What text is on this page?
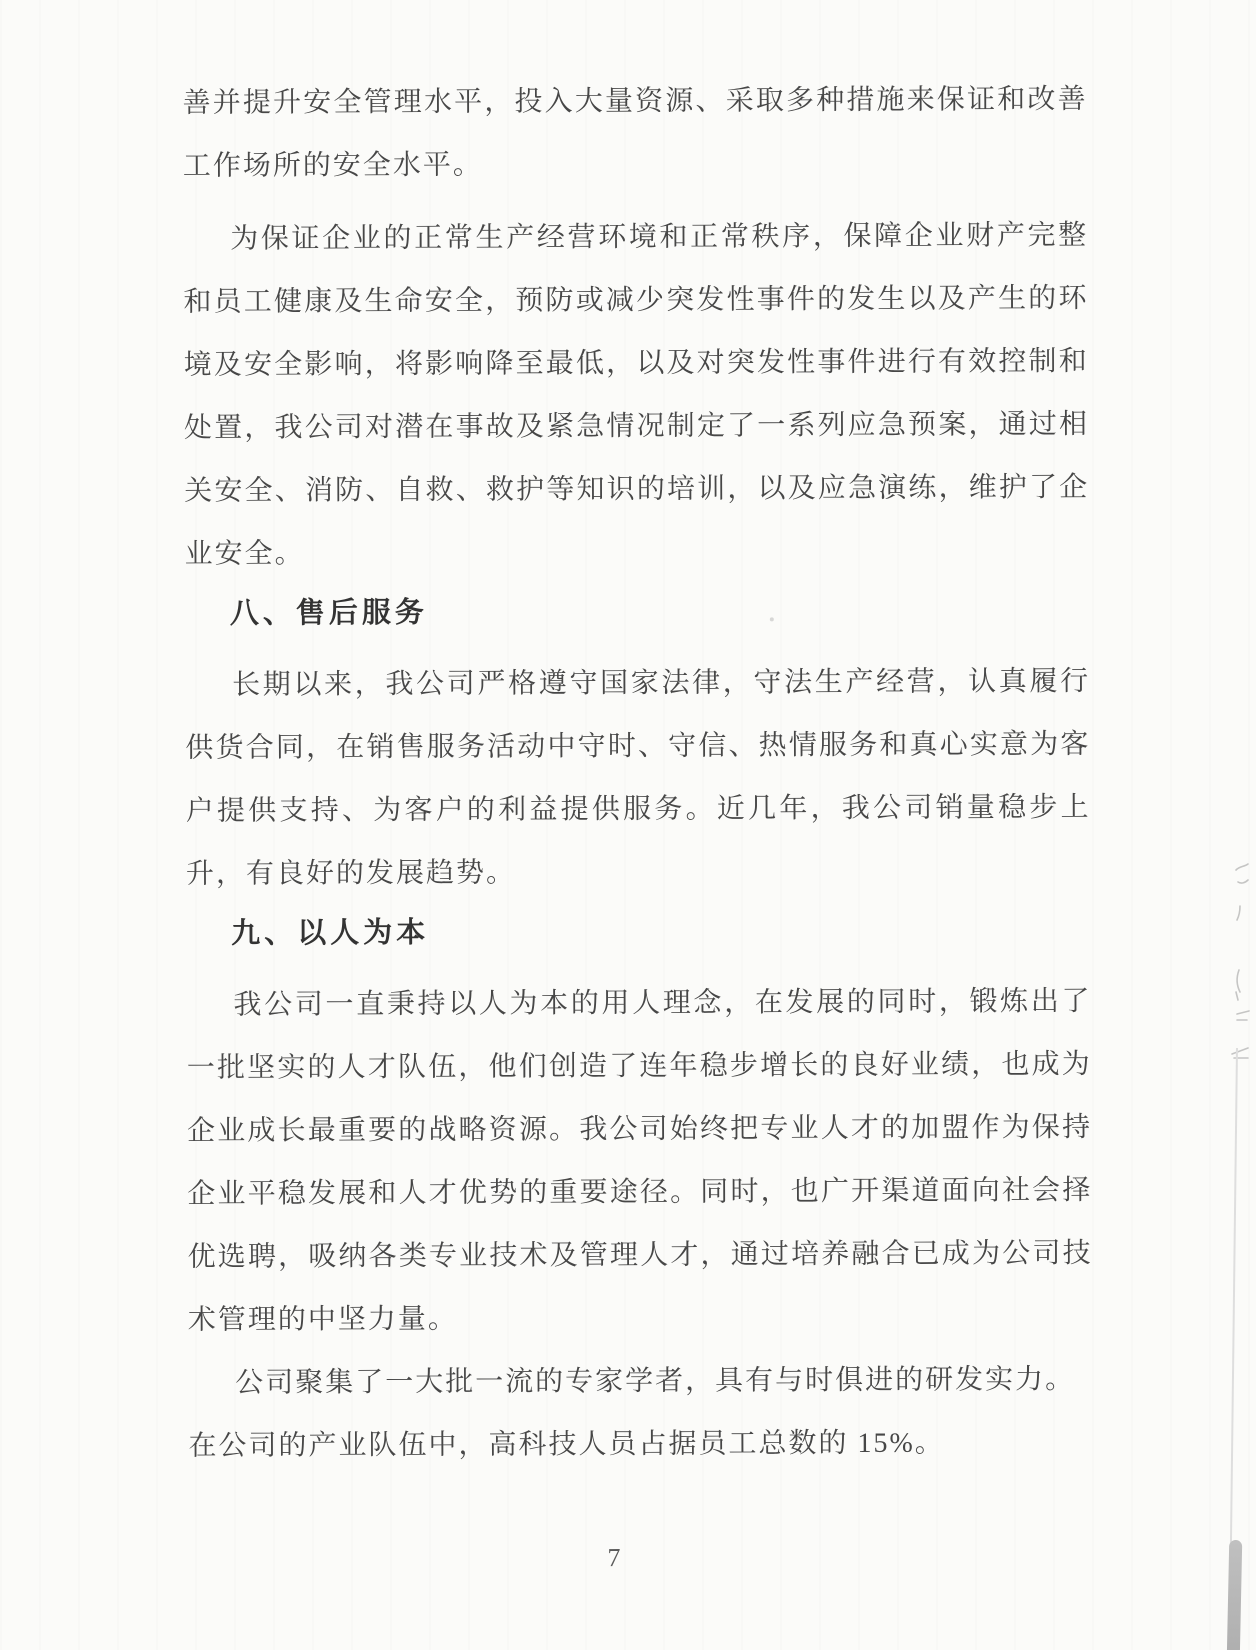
善并提升安全管理水平，投入大量资源、采取多种措施来保证和改善工作场所的安全水平。

为保证企业的正常生产经营环境和正常秩序，保障企业财产完整和员工健康及生命安全，预防或减少突发性事件的发生以及产生的环境及安全影响，将影响降至最低，以及对突发性事件进行有效控制和处置，我公司对潜在事故及紧急情况制定了一系列应急预案，通过相关安全、消防、自救、救护等知识的培训，以及应急演练，维护了企业安全。

八、售后服务

长期以来，我公司严格遵守国家法律，守法生产经营，认真履行供货合同，在销售服务活动中守时、守信、热情服务和真心实意为客户提供支持、为客户的利益提供服务。近几年，我公司销量稳步上升，有良好的发展趋势。

九、以人为本

我公司一直秉持以人为本的用人理念，在发展的同时，锻炼出了一批坚实的人才队伍，他们创造了连年稳步增长的良好业绩，也成为企业成长最重要的战略资源。我公司始终把专业人才的加盟作为保持企业平稳发展和人才优势的重要途径。同时，也广开渠道面向社会择优选聘，吸纳各类专业技术及管理人才，通过培养融合已成为公司技术管理的中坚力量。

公司聚集了一大批一流的专家学者，具有与时俱进的研发实力。

在公司的产业队伍中，高科技人员占据员工总数的 15%。

7
